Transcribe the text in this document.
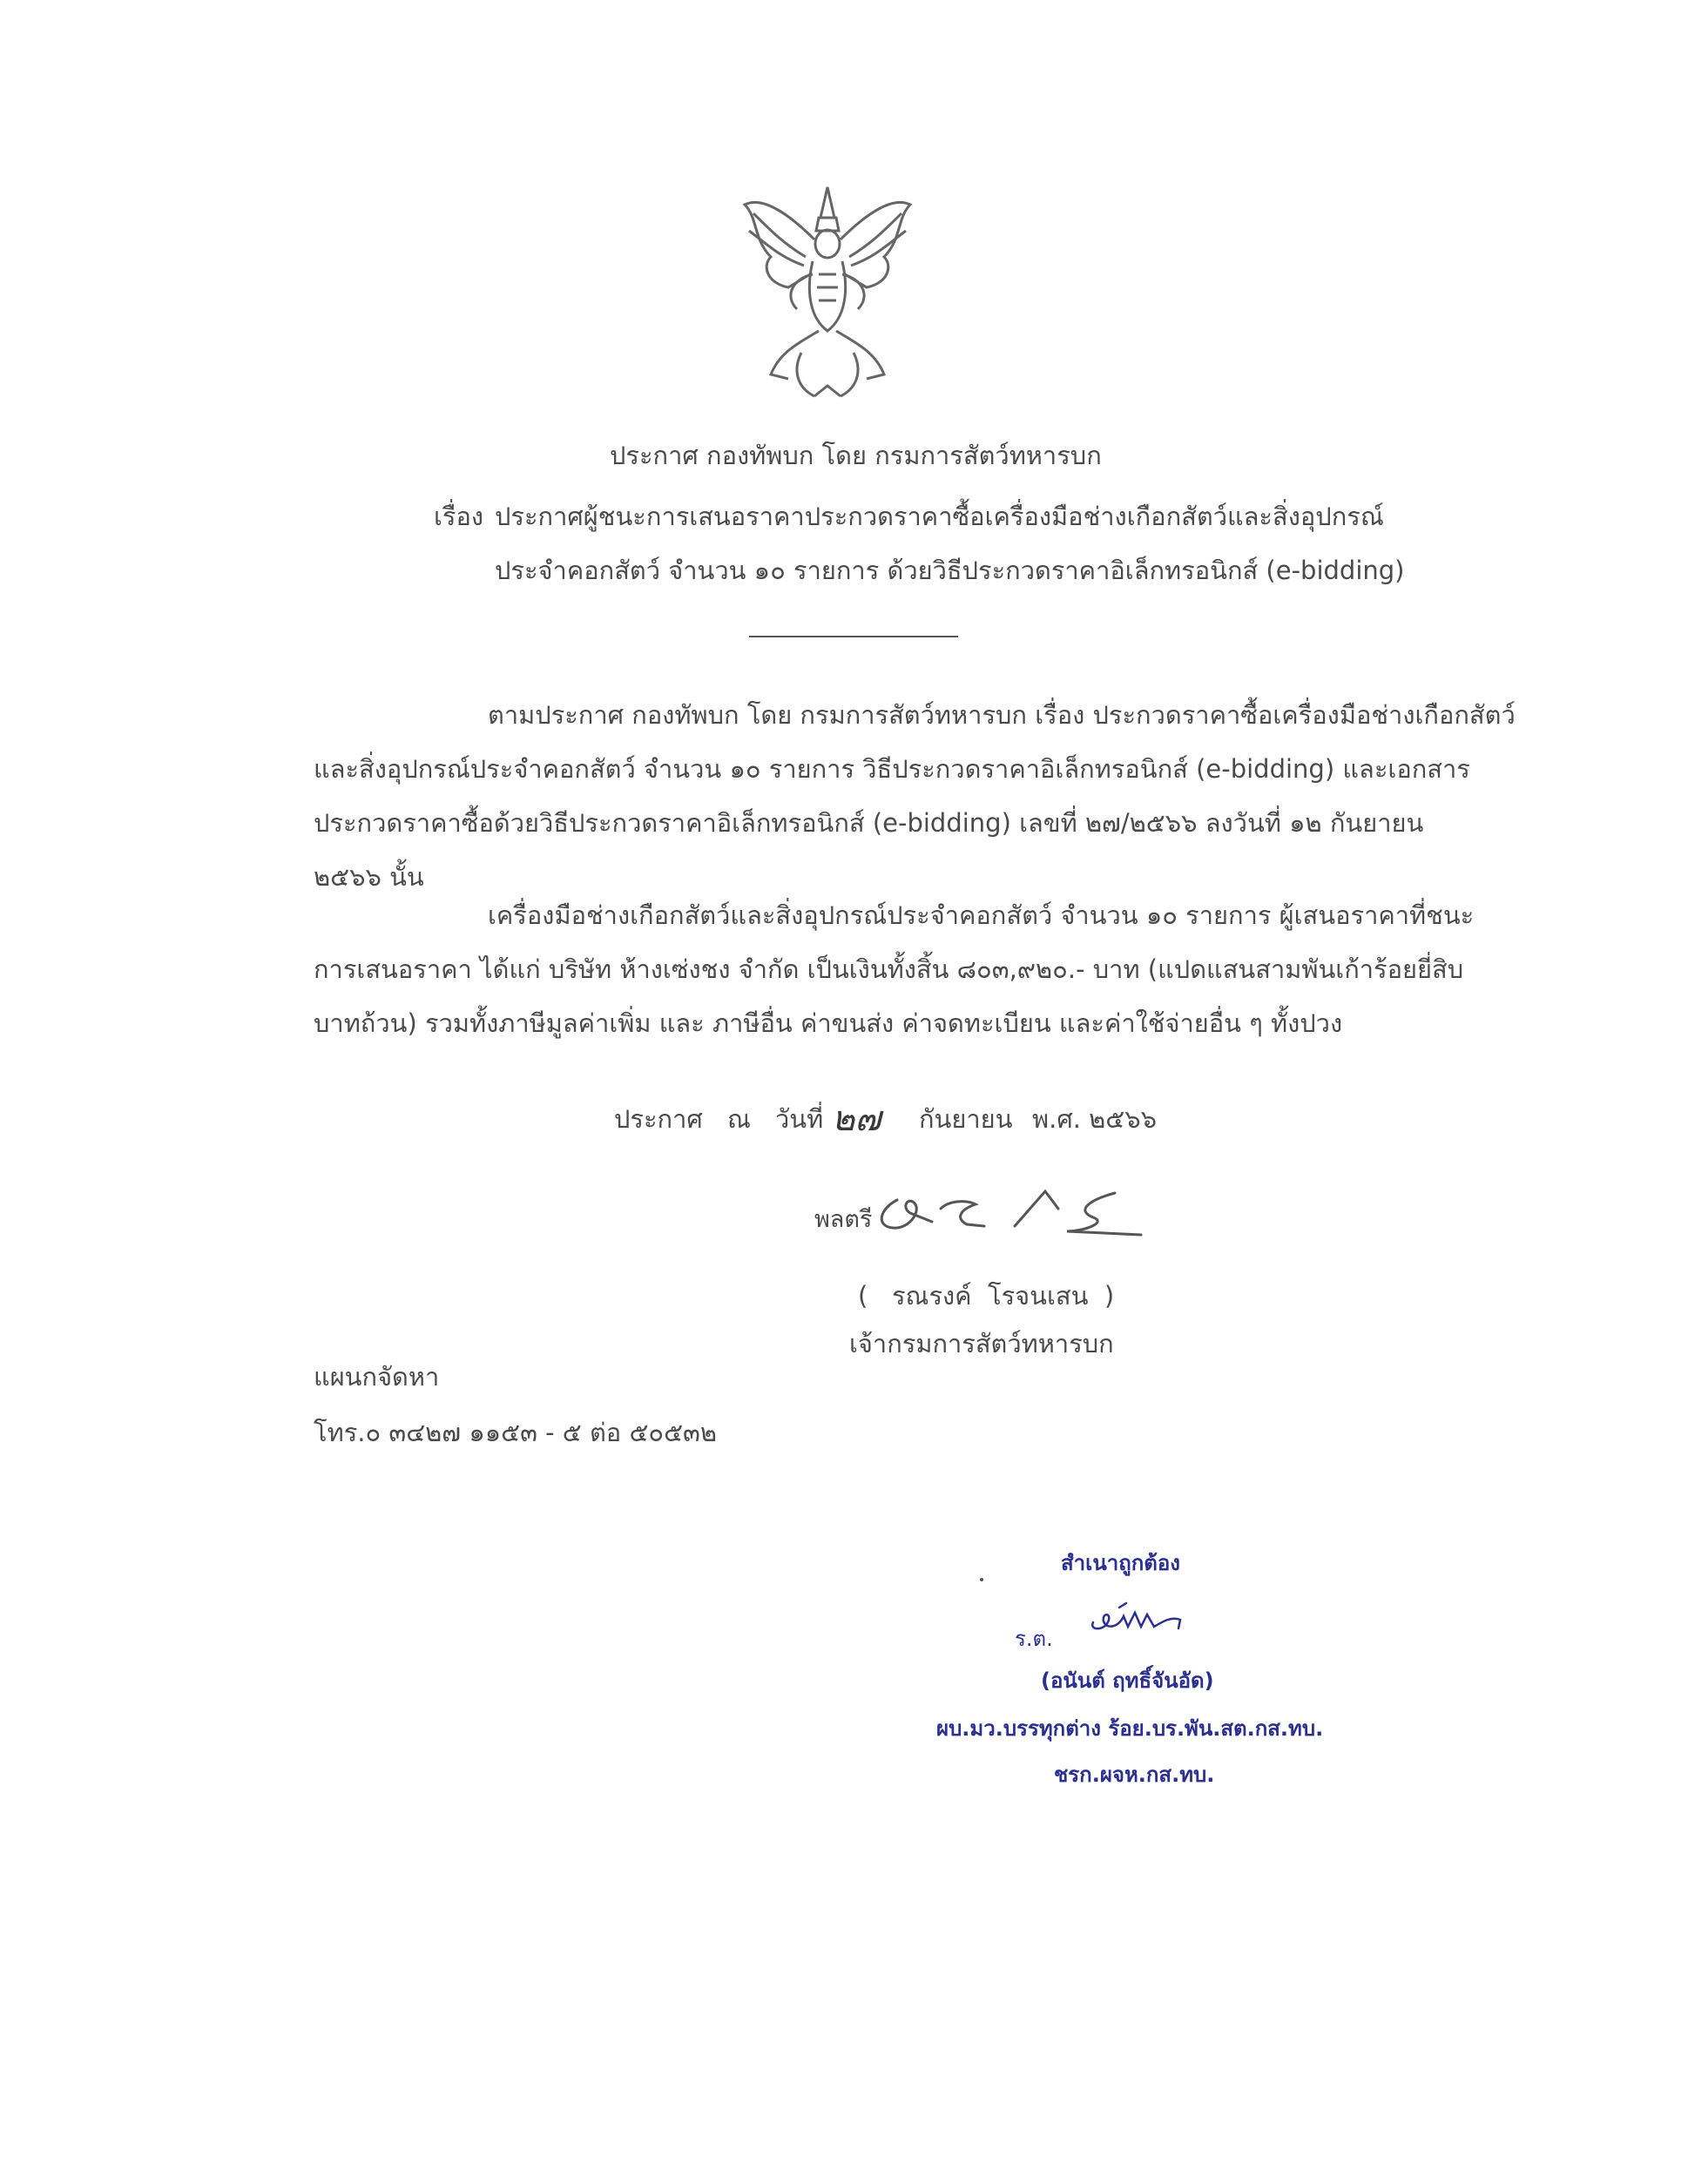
ประกาศ กองทัพบก โดย กรมการสัตว์ทหารบก
เรื่อง ประกาศผู้ชนะการเสนอราคาประกวดราคาซื้อเครื่องมือช่างเกือกสัตว์และสิ่งอุปกรณ์
ประจำคอกสัตว์ จำนวน ๑๐ รายการ ด้วยวิธีประกวดราคาอิเล็กทรอนิกส์ (e-bidding)
ตามประกาศ กองทัพบก โดย กรมการสัตว์ทหารบก เรื่อง ประกวดราคาซื้อเครื่องมือช่างเกือกสัตว์
และสิ่งอุปกรณ์ประจำคอกสัตว์ จำนวน ๑๐ รายการ วิธีประกวดราคาอิเล็กทรอนิกส์ (e-bidding) และเอกสาร
ประกวดราคาซื้อด้วยวิธีประกวดราคาอิเล็กทรอนิกส์ (e-bidding) เลขที่ ๒๗/๒๕๖๖ ลงวันที่ ๑๒ กันยายน
๒๕๖๖ นั้น
เครื่องมือช่างเกือกสัตว์และสิ่งอุปกรณ์ประจำคอกสัตว์ จำนวน ๑๐ รายการ ผู้เสนอราคาที่ชนะ
การเสนอราคา ได้แก่ บริษัท ห้างเซ่งชง จำกัด เป็นเงินทั้งสิ้น ๘๐๓,๙๒๐.- บาท (แปดแสนสามพันเก้าร้อยยี่สิบ
บาทถ้วน) รวมทั้งภาษีมูลค่าเพิ่ม และ ภาษีอื่น ค่าขนส่ง ค่าจดทะเบียน และค่าใช้จ่ายอื่น ๆ ทั้งปวง
ประกาศ ณ วันที่ ๒๗ กันยายน พ.ศ. ๒๕๖๖
พลตรี
(   รณรงค์  โรจนเสน  )
เจ้ากรมการสัตว์ทหารบก
แผนกจัดหา
โทร.๐ ๓๔๒๗ ๑๑๕๓ - ๕ ต่อ ๕๐๕๓๒
สำเนาถูกต้อง
ร.ต.
(อนันต์ ฤทธิ์จันอัด)
ผบ.มว.บรรทุกต่าง ร้อย.บร.พัน.สต.กส.ทบ.
ชรก.ผจห.กส.ทบ.
